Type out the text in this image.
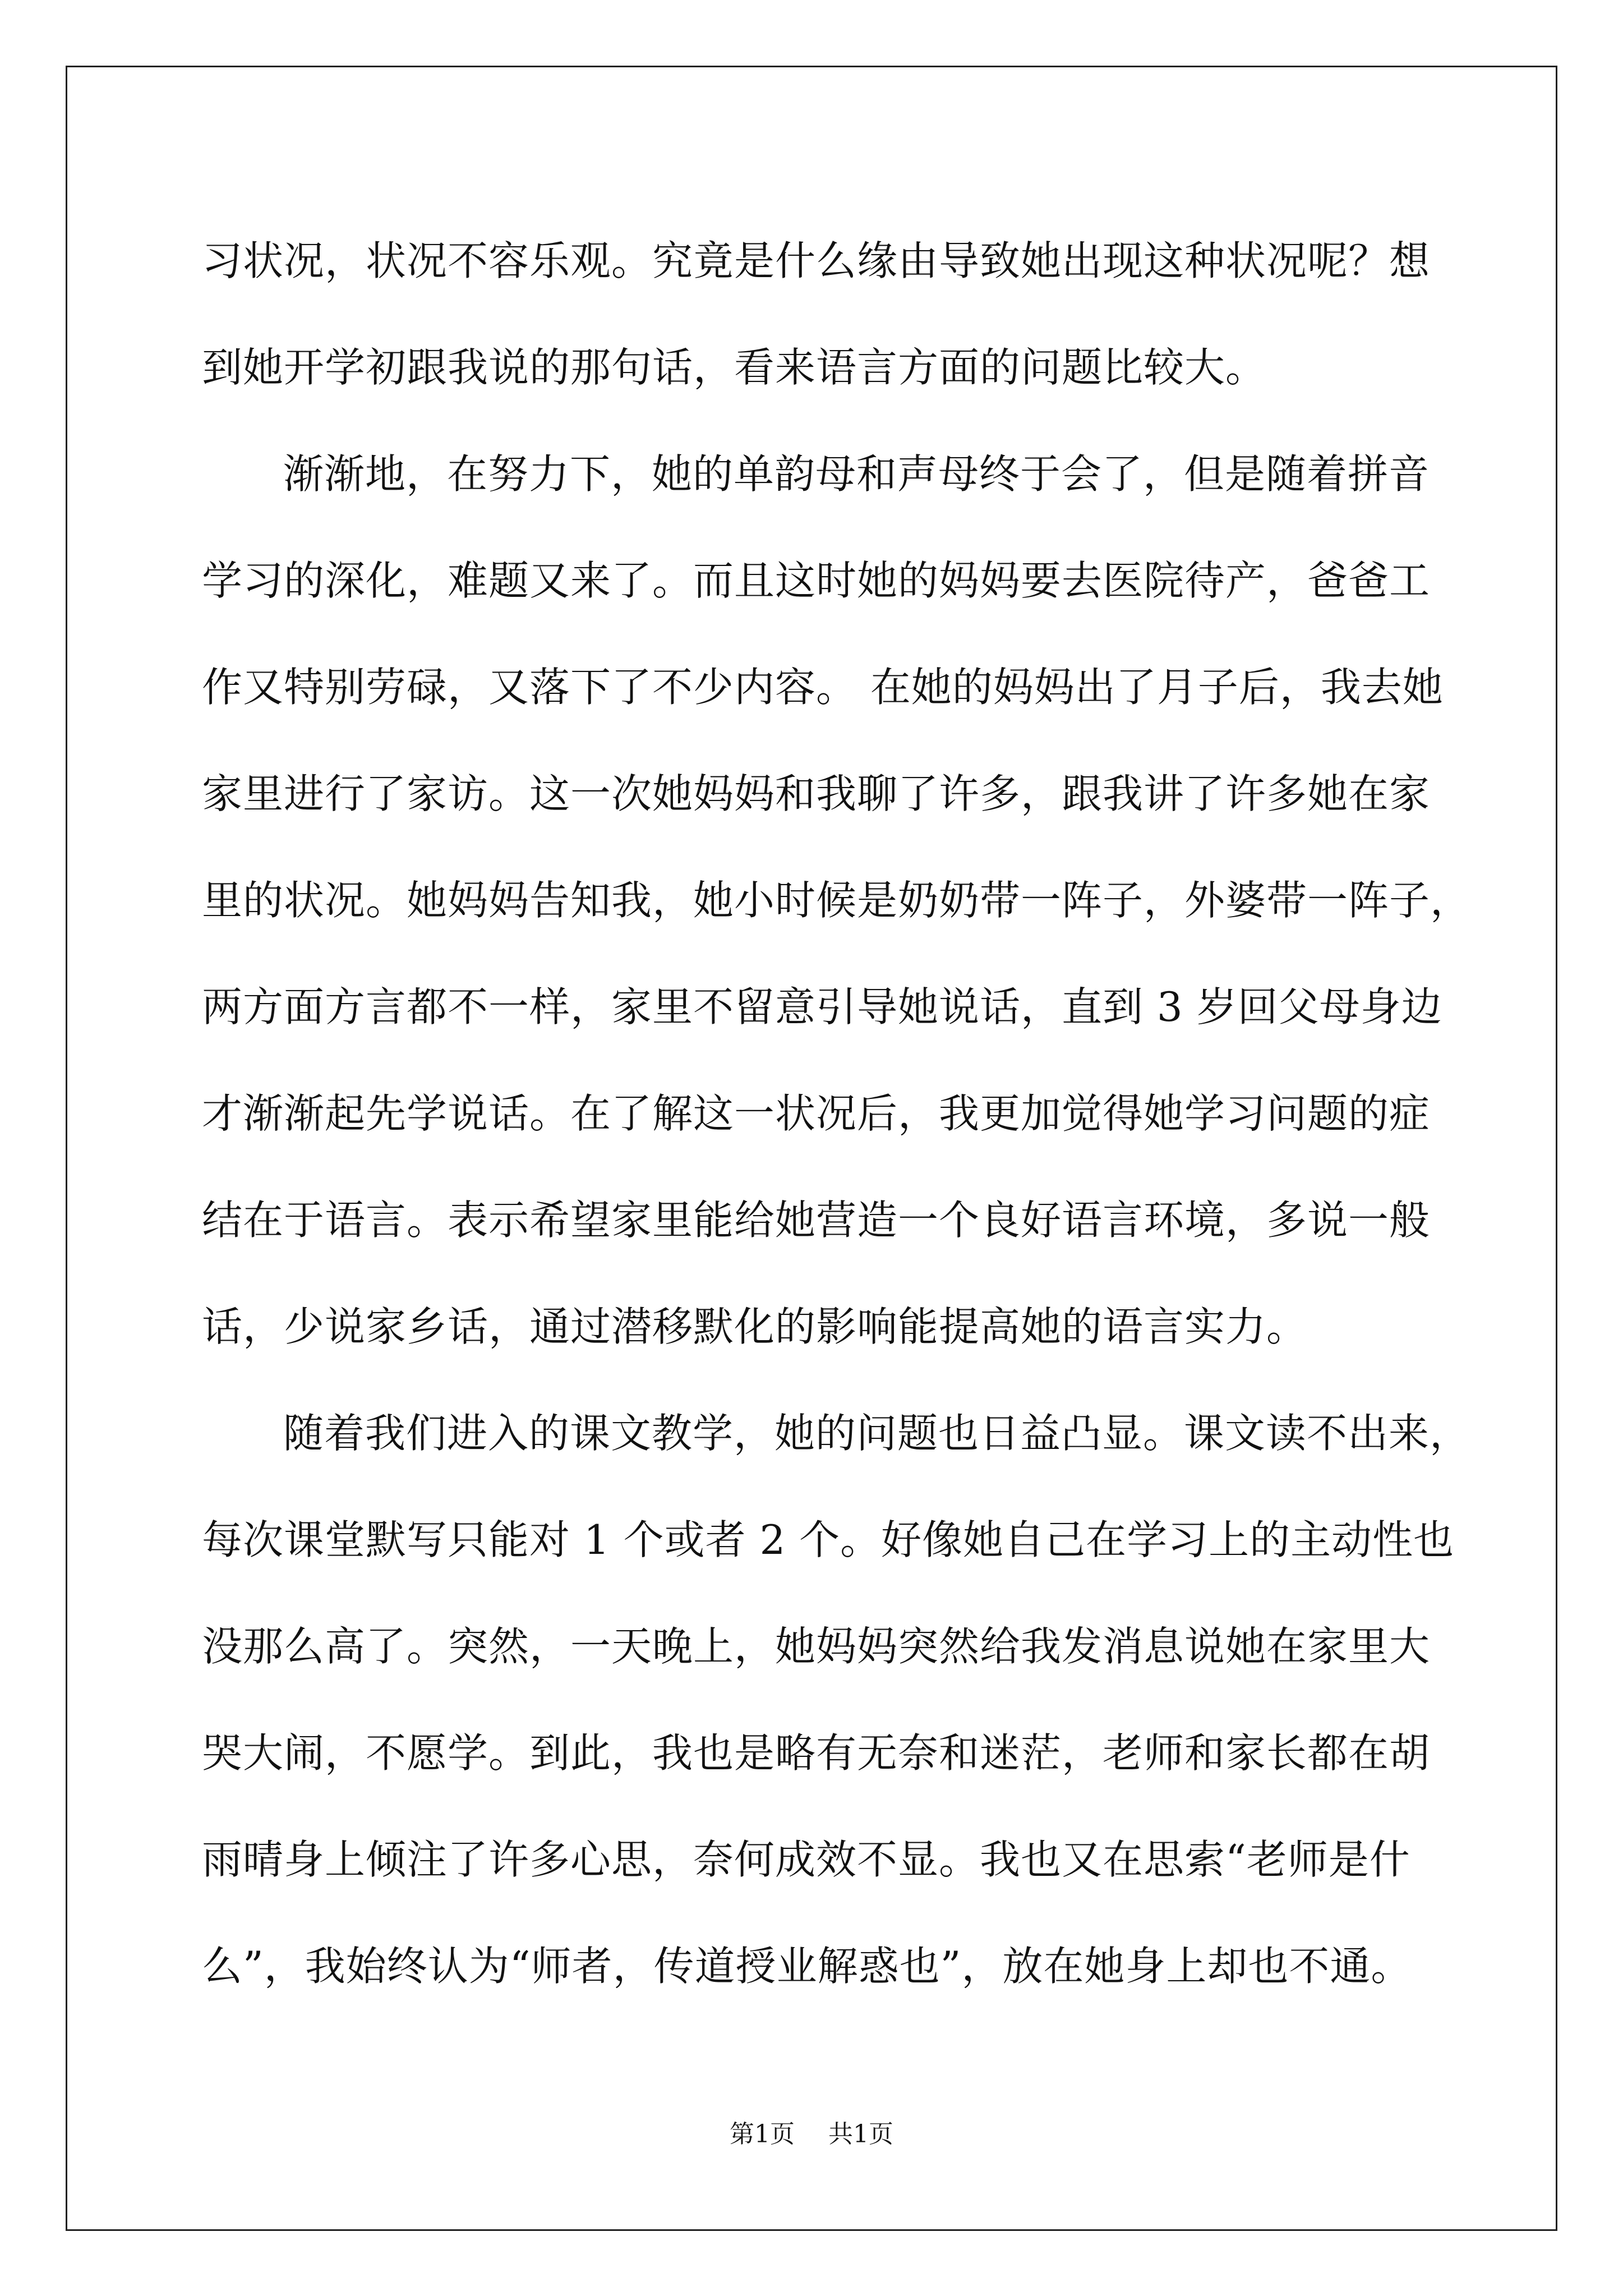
习状况，状况不容乐观。究竟是什么缘由导致她出现这种状况呢？想
到她开学初跟我说的那句话，看来语言方面的问题比较大。
渐渐地，在努力下，她的单韵母和声母终于会了，但是随着拼音
学习的深化，难题又来了。而且这时她的妈妈要去医院待产，爸爸工
作又特别劳碌，又落下了不少内容。 在她的妈妈出了月子后，我去她
家里进行了家访。这一次她妈妈和我聊了许多，跟我讲了许多她在家
里的状况。她妈妈告知我，她小时候是奶奶带一阵子，外婆带一阵子，
两方面方言都不一样，家里不留意引导她说话，直到 3 岁回父母身边
才渐渐起先学说话。在了解这一状况后，我更加觉得她学习问题的症
结在于语言。表示希望家里能给她营造一个良好语言环境，多说一般
话，少说家乡话，通过潜移默化的影响能提高她的语言实力。
随着我们进入的课文教学，她的问题也日益凸显。课文读不出来，
每次课堂默写只能对 1 个或者 2 个。好像她自己在学习上的主动性也
没那么高了。突然，一天晚上，她妈妈突然给我发消息说她在家里大
哭大闹，不愿学。到此，我也是略有无奈和迷茫，老师和家长都在胡
雨晴身上倾注了许多心思，奈何成效不显。我也又在思索“老师是什
么”，我始终认为“师者，传道授业解惑也”，放在她身上却也不通。
第1页 共1页
